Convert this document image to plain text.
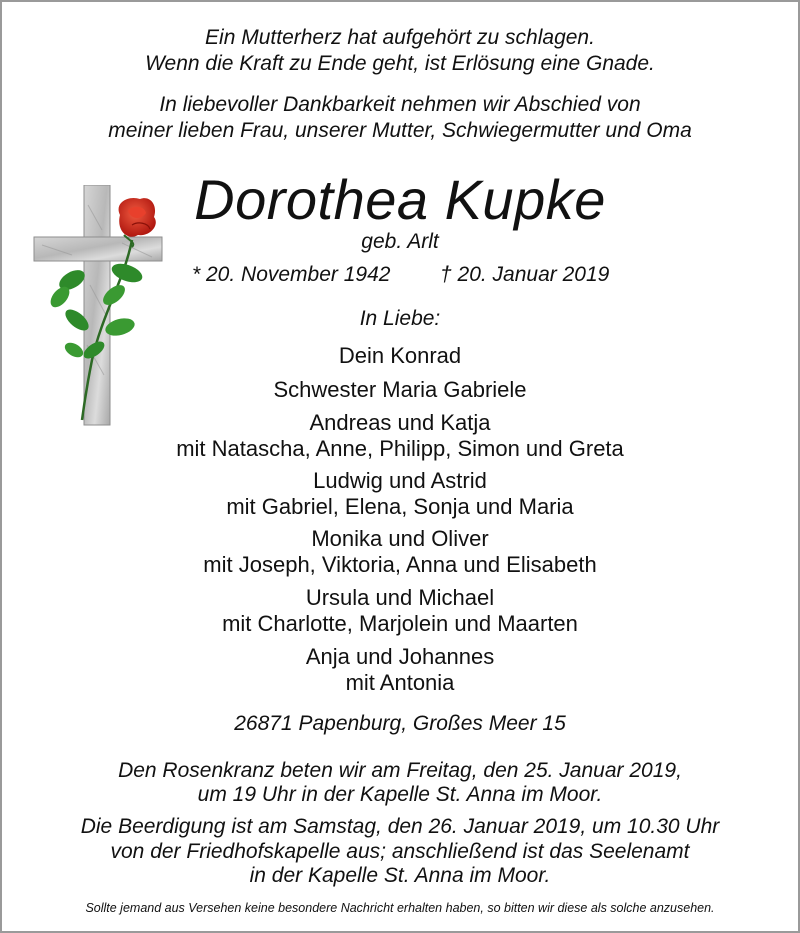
Ein Mutterherz hat aufgehört zu schlagen.
Wenn die Kraft zu Ende geht, ist Erlösung eine Gnade.
In liebevoller Dankbarkeit nehmen wir Abschied von
meiner lieben Frau, unserer Mutter, Schwiegermutter und Oma
Dorothea Kupke
geb. Arlt
* 20. November 1942 † 20. Januar 2019
In Liebe:
Dein Konrad
Schwester Maria Gabriele
Andreas und Katja
mit Natascha, Anne, Philipp, Simon und Greta
Ludwig und Astrid
mit Gabriel, Elena, Sonja und Maria
Monika und Oliver
mit Joseph, Viktoria, Anna und Elisabeth
Ursula und Michael
mit Charlotte, Marjolein und Maarten
Anja und Johannes
mit Antonia
26871 Papenburg, Großes Meer 15
Den Rosenkranz beten wir am Freitag, den 25. Januar 2019,
um 19 Uhr in der Kapelle St. Anna im Moor.
Die Beerdigung ist am Samstag, den 26. Januar 2019, um 10.30 Uhr
von der Friedhofskapelle aus; anschließend ist das Seelenamt
in der Kapelle St. Anna im Moor.
Sollte jemand aus Versehen keine besondere Nachricht erhalten haben, so bitten wir diese als solche anzusehen.
